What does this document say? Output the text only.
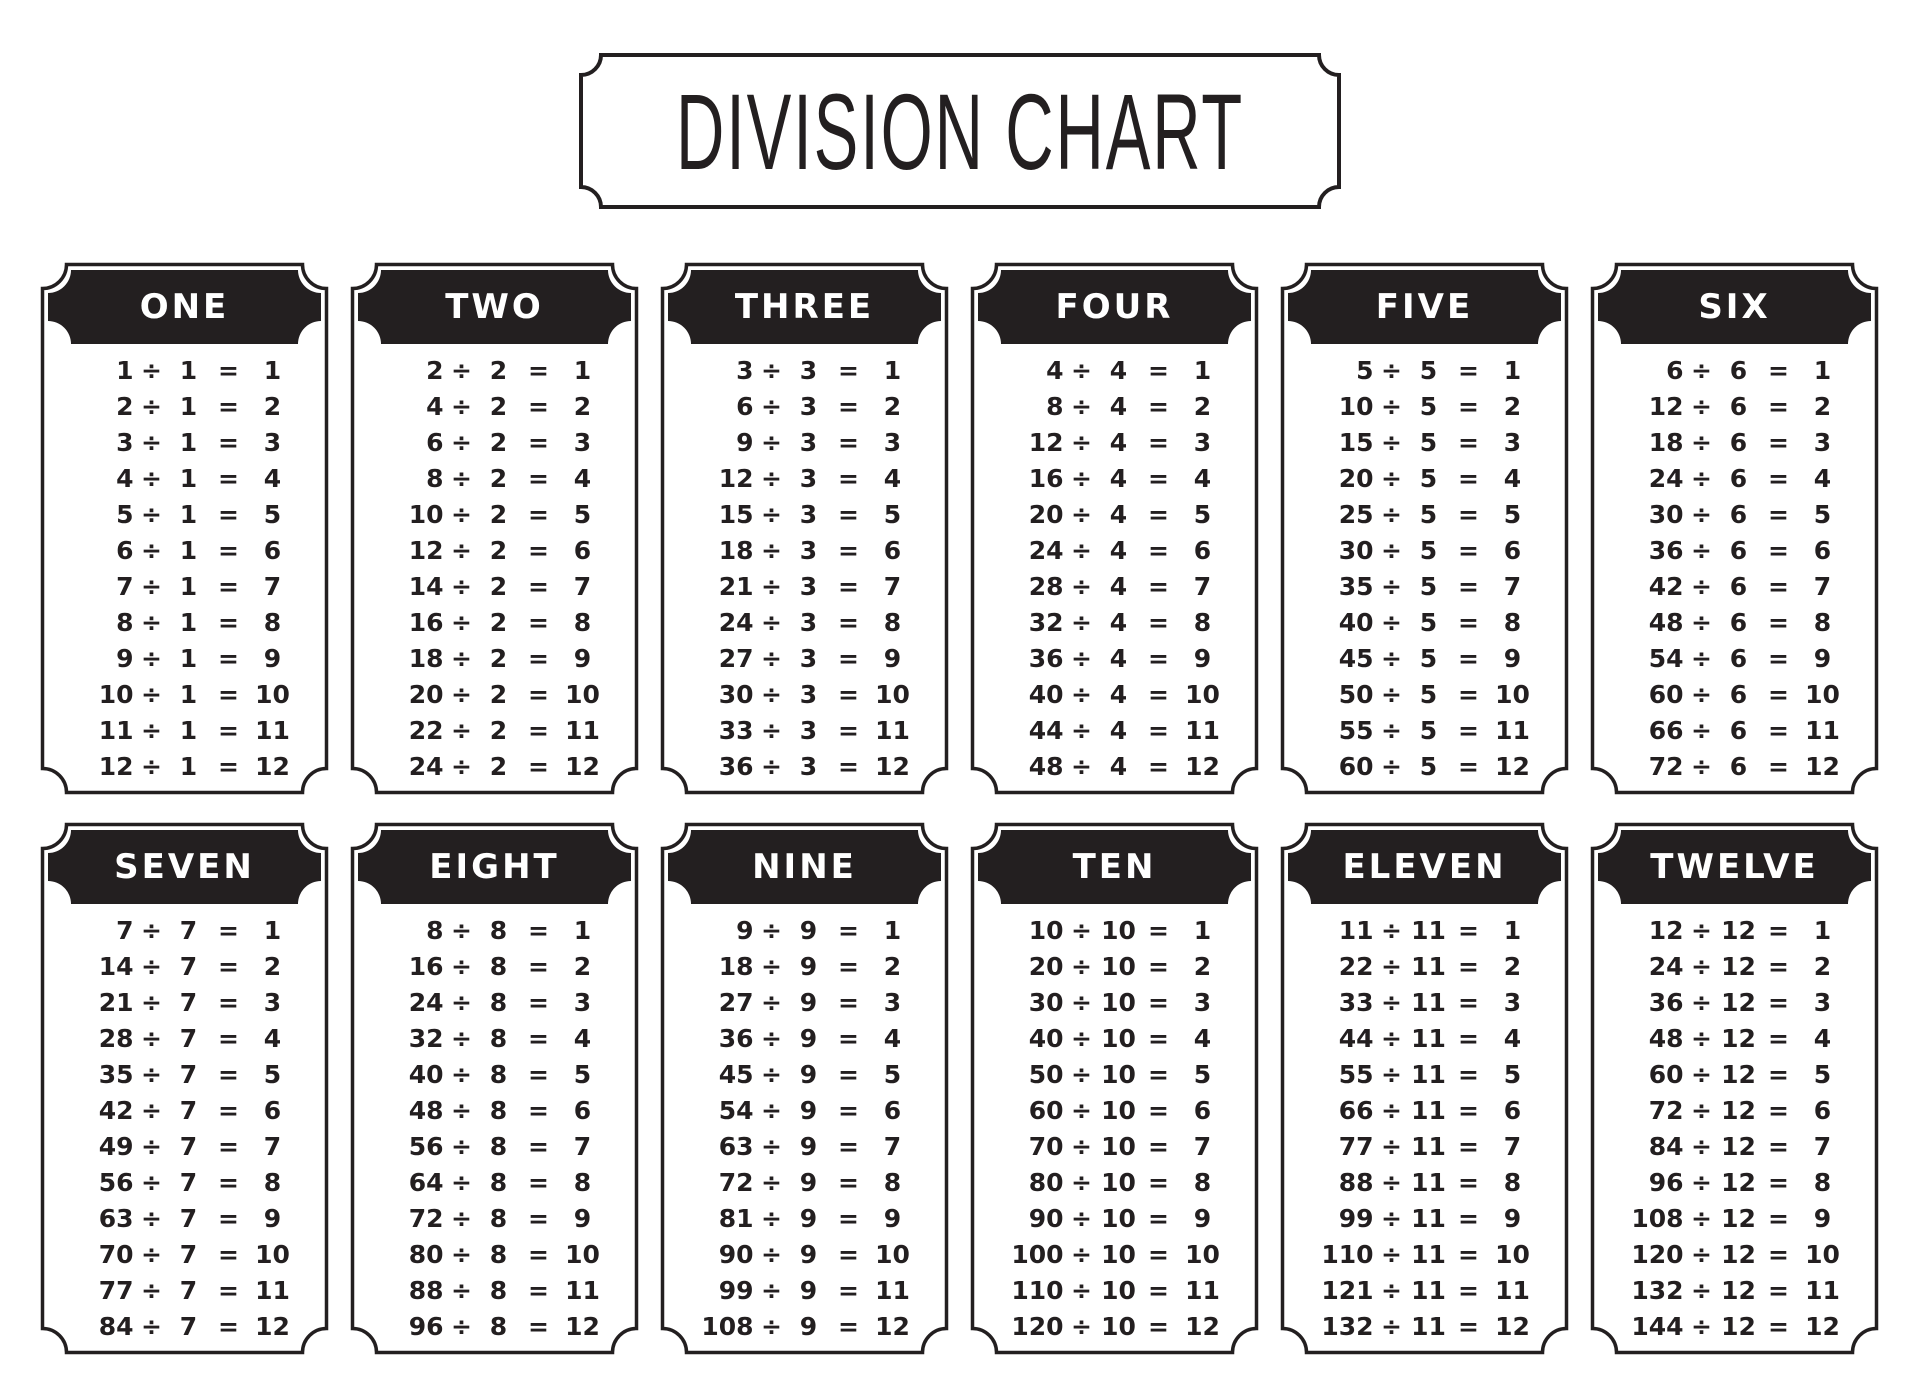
DIVISION CHART
ONE
1 ÷ 1 = 1
2 ÷ 1 = 2
3 ÷ 1 = 3
4 ÷ 1 = 4
5 ÷ 1 = 5
6 ÷ 1 = 6
7 ÷ 1 = 7
8 ÷ 1 = 8
9 ÷ 1 = 9
10 ÷ 1 = 10
11 ÷ 1 = 11
12 ÷ 1 = 12
TWO
2 ÷ 2 = 1
4 ÷ 2 = 2
6 ÷ 2 = 3
8 ÷ 2 = 4
10 ÷ 2 = 5
12 ÷ 2 = 6
14 ÷ 2 = 7
16 ÷ 2 = 8
18 ÷ 2 = 9
20 ÷ 2 = 10
22 ÷ 2 = 11
24 ÷ 2 = 12
THREE
3 ÷ 3 = 1
6 ÷ 3 = 2
9 ÷ 3 = 3
12 ÷ 3 = 4
15 ÷ 3 = 5
18 ÷ 3 = 6
21 ÷ 3 = 7
24 ÷ 3 = 8
27 ÷ 3 = 9
30 ÷ 3 = 10
33 ÷ 3 = 11
36 ÷ 3 = 12
FOUR
4 ÷ 4 = 1
8 ÷ 4 = 2
12 ÷ 4 = 3
16 ÷ 4 = 4
20 ÷ 4 = 5
24 ÷ 4 = 6
28 ÷ 4 = 7
32 ÷ 4 = 8
36 ÷ 4 = 9
40 ÷ 4 = 10
44 ÷ 4 = 11
48 ÷ 4 = 12
FIVE
5 ÷ 5 = 1
10 ÷ 5 = 2
15 ÷ 5 = 3
20 ÷ 5 = 4
25 ÷ 5 = 5
30 ÷ 5 = 6
35 ÷ 5 = 7
40 ÷ 5 = 8
45 ÷ 5 = 9
50 ÷ 5 = 10
55 ÷ 5 = 11
60 ÷ 5 = 12
SIX
6 ÷ 6 = 1
12 ÷ 6 = 2
18 ÷ 6 = 3
24 ÷ 6 = 4
30 ÷ 6 = 5
36 ÷ 6 = 6
42 ÷ 6 = 7
48 ÷ 6 = 8
54 ÷ 6 = 9
60 ÷ 6 = 10
66 ÷ 6 = 11
72 ÷ 6 = 12
SEVEN
7 ÷ 7 = 1
14 ÷ 7 = 2
21 ÷ 7 = 3
28 ÷ 7 = 4
35 ÷ 7 = 5
42 ÷ 7 = 6
49 ÷ 7 = 7
56 ÷ 7 = 8
63 ÷ 7 = 9
70 ÷ 7 = 10
77 ÷ 7 = 11
84 ÷ 7 = 12
EIGHT
8 ÷ 8 = 1
16 ÷ 8 = 2
24 ÷ 8 = 3
32 ÷ 8 = 4
40 ÷ 8 = 5
48 ÷ 8 = 6
56 ÷ 8 = 7
64 ÷ 8 = 8
72 ÷ 8 = 9
80 ÷ 8 = 10
88 ÷ 8 = 11
96 ÷ 8 = 12
NINE
9 ÷ 9 = 1
18 ÷ 9 = 2
27 ÷ 9 = 3
36 ÷ 9 = 4
45 ÷ 9 = 5
54 ÷ 9 = 6
63 ÷ 9 = 7
72 ÷ 9 = 8
81 ÷ 9 = 9
90 ÷ 9 = 10
99 ÷ 9 = 11
108 ÷ 9 = 12
TEN
10 ÷ 10 = 1
20 ÷ 10 = 2
30 ÷ 10 = 3
40 ÷ 10 = 4
50 ÷ 10 = 5
60 ÷ 10 = 6
70 ÷ 10 = 7
80 ÷ 10 = 8
90 ÷ 10 = 9
100 ÷ 10 = 10
110 ÷ 10 = 11
120 ÷ 10 = 12
ELEVEN
11 ÷ 11 = 1
22 ÷ 11 = 2
33 ÷ 11 = 3
44 ÷ 11 = 4
55 ÷ 11 = 5
66 ÷ 11 = 6
77 ÷ 11 = 7
88 ÷ 11 = 8
99 ÷ 11 = 9
110 ÷ 11 = 10
121 ÷ 11 = 11
132 ÷ 11 = 12
TWELVE
12 ÷ 12 = 1
24 ÷ 12 = 2
36 ÷ 12 = 3
48 ÷ 12 = 4
60 ÷ 12 = 5
72 ÷ 12 = 6
84 ÷ 12 = 7
96 ÷ 12 = 8
108 ÷ 12 = 9
120 ÷ 12 = 10
132 ÷ 12 = 11
144 ÷ 12 = 12
